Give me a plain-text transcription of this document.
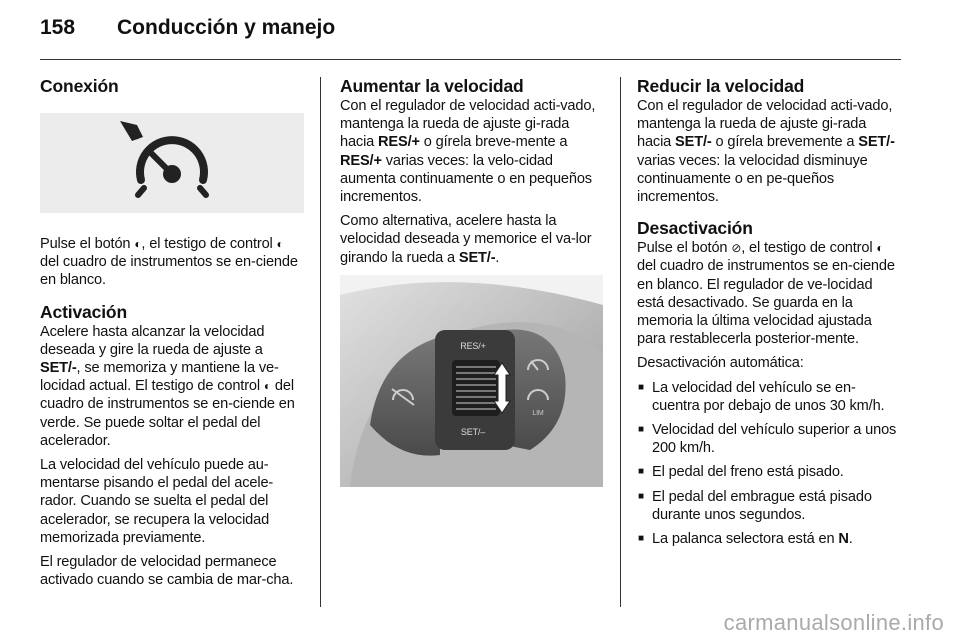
158 Conducción y manejo
Conexión

Pulse el botón ◐, el testigo de control ◐ del cuadro de instrumentos se en-ciende en blanco.

Activación

Acelere hasta alcanzar la velocidad deseada y gire la rueda de ajuste a SET/-, se memoriza y mantiene la ve-locidad actual. El testigo de control ◐ del cuadro de instrumentos se en-ciende en verde. Se puede soltar el pedal del acelerador.

La velocidad del vehículo puede au-mentarse pisando el pedal del acele-rador. Cuando se suelta el pedal del acelerador, se recupera la velocidad memorizada previamente.

El regulador de velocidad permanece activado cuando se cambia de mar-cha.

Aumentar la velocidad

Con el regulador de velocidad acti-vado, mantenga la rueda de ajuste gi-rada hacia RES/+ o gírela breve-mente a RES/+ varias veces: la velo-cidad aumenta continuamente o en pequeños incrementos.

Como alternativa, acelere hasta la velocidad deseada y memorice el va-lor girando la rueda a SET/-.

RES/+
SET/–
LIM
Reducir la velocidad

Con el regulador de velocidad acti-vado, mantenga la rueda de ajuste gi-rada hacia SET/- o gírela brevemente a SET/- varias veces: la velocidad disminuye continuamente o en pe-queños incrementos.

Desactivación

Pulse el botón ⊘, el testigo de control ◐ del cuadro de instrumentos se en-ciende en blanco. El regulador de ve-locidad está desactivado. Se guarda en la memoria la última velocidad ajustada para restablecerla posterior-mente.

Desactivación automática:

■ La velocidad del vehículo se en-cuentra por debajo de unos 30 km/h.
■ Velocidad del vehículo superior a unos 200 km/h.
■ El pedal del freno está pisado.
■ El pedal del embrague está pisado durante unos segundos.
■ La palanca selectora está en N.
carmanualsonline.info
